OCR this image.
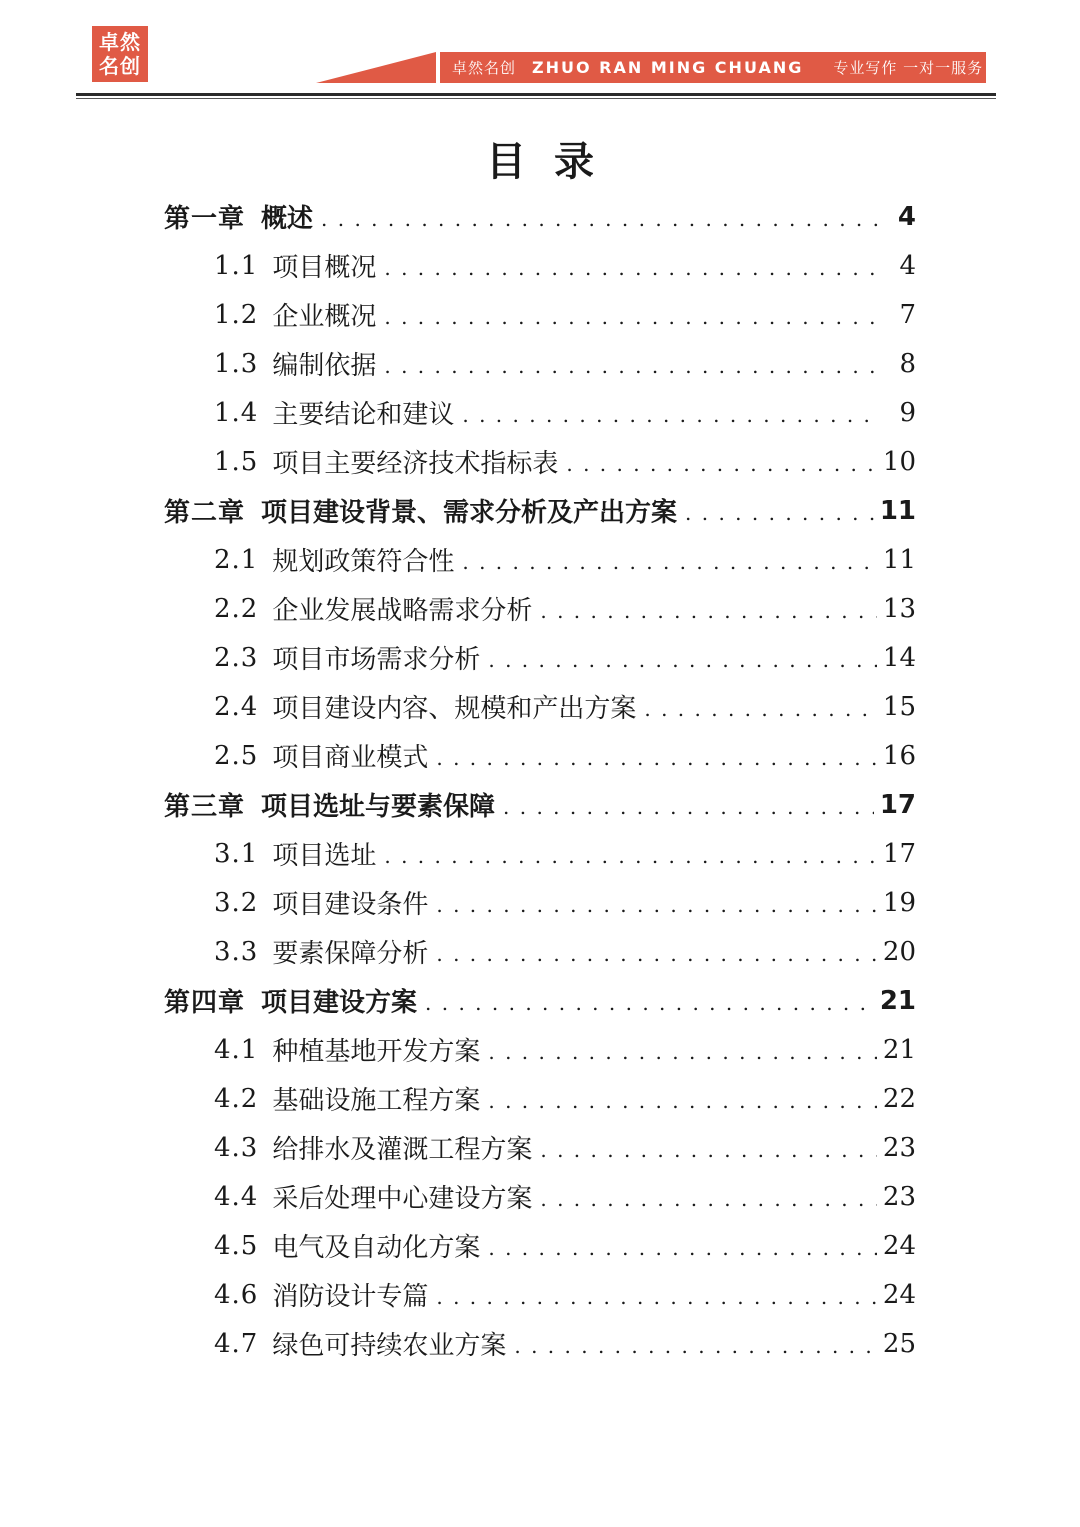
卓然
名创	卓然名创 ZHUO RAN MING CHUANG 专业写作 一对一服务
目录
第一章 概述 . . .	4
1.1 项目概况 . . .	4
1.2 企业概况 . . .	7
1.3 编制依据 . . .	8
1.4 主要结论和建议 . . .	9
1.5 项目主要经济技术指标表 . . .	10
第二章 项目建设背景、需求分析及产出方案 . . .	11
2.1 规划政策符合性 . . .	11
2.2 企业发展战略需求分析 . . .	13
2.3 项目市场需求分析 . . .	14
2.4 项目建设内容、规模和产出方案 . . .	15
2.5 项目商业模式 . . .	16
第三章 项目选址与要素保障 . . .	17
3.1 项目选址 . . .	17
3.2 项目建设条件 . . .	19
3.3 要素保障分析 . . .	20
第四章 项目建设方案 . . .	21
4.1 种植基地开发方案 . . .	21
4.2 基础设施工程方案 . . .	22
4.3 给排水及灌溉工程方案 . . .	23
4.4 采后处理中心建设方案 . . .	23
4.5 电气及自动化方案 . . .	24
4.6 消防设计专篇 . . .	24
4.7 绿色可持续农业方案 . . .	25
